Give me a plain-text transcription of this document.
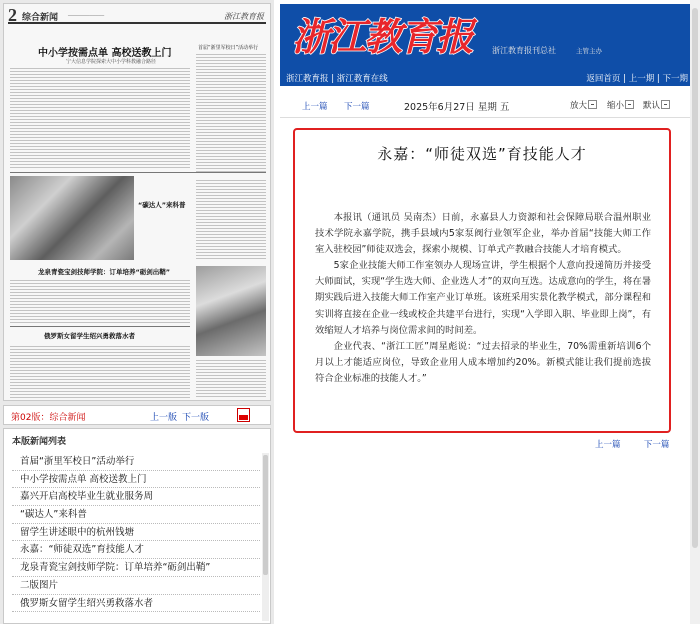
2 综合新闻 ────────────	浙江教育报
中小学按需点单 高校送教上门
宁大信息学院探索大中小学科教融合路径
首届“浙里军校日”活动举行
“碳达人”来科普
龙泉青瓷宝剑技师学院：订单培养“砺剑出鞘”
俄罗斯女留学生绍兴勇救落水者
第02版：综合新闻	上一版 下一版
本版新闻列表
首届“浙里军校日”活动举行
中小学按需点单 高校送教上门
嘉兴开启高校毕业生就业服务周
“碳达人”来科普
留学生讲述眼中的杭州钱塘
永嘉：“师徒双选”育技能人才
龙泉青瓷宝剑技师学院：订单培养“砺剑出鞘”
二版图片
俄罗斯女留学生绍兴勇救落水者
浙江教育报	浙江教育报刊总社	主管主办
浙江教育报 | 浙江教育在线	返回首页 | 上一期 | 下一期
上一篇 下一篇	2025年6月27日 星期 五	放大	缩小	默认
永嘉：“师徒双选”育技能人才

本报讯（通讯员 吴南杰）日前，永嘉县人力资源和社会保障局联合温州职业技术学院永嘉学院，携手县域内5家泵阀行业领军企业，举办首届“技能大师工作室入驻校园”师徒双选会，探索小规模、订单式产教融合技能人才培育模式。

5家企业技能大师工作室领办人现场宣讲，学生根据个人意向投递简历并接受大师面试，实现“学生选大师、企业选人才”的双向互选。达成意向的学生，将在暑期实践后进入技能大师工作室产业订单班。该班采用实景化教学模式，部分课程和实训将直接在企业一线或校企共建平台进行，实现“入学即入职、毕业即上岗”，有效缩短人才培养与岗位需求间的时间差。

企业代表、“浙江工匠”周星彪说：“过去招录的毕业生，70%需重新培训6个月以上才能适应岗位，导致企业用人成本增加约20%。新模式能让我们提前选拔符合企业标准的技能人才。”

上一篇	下一篇
